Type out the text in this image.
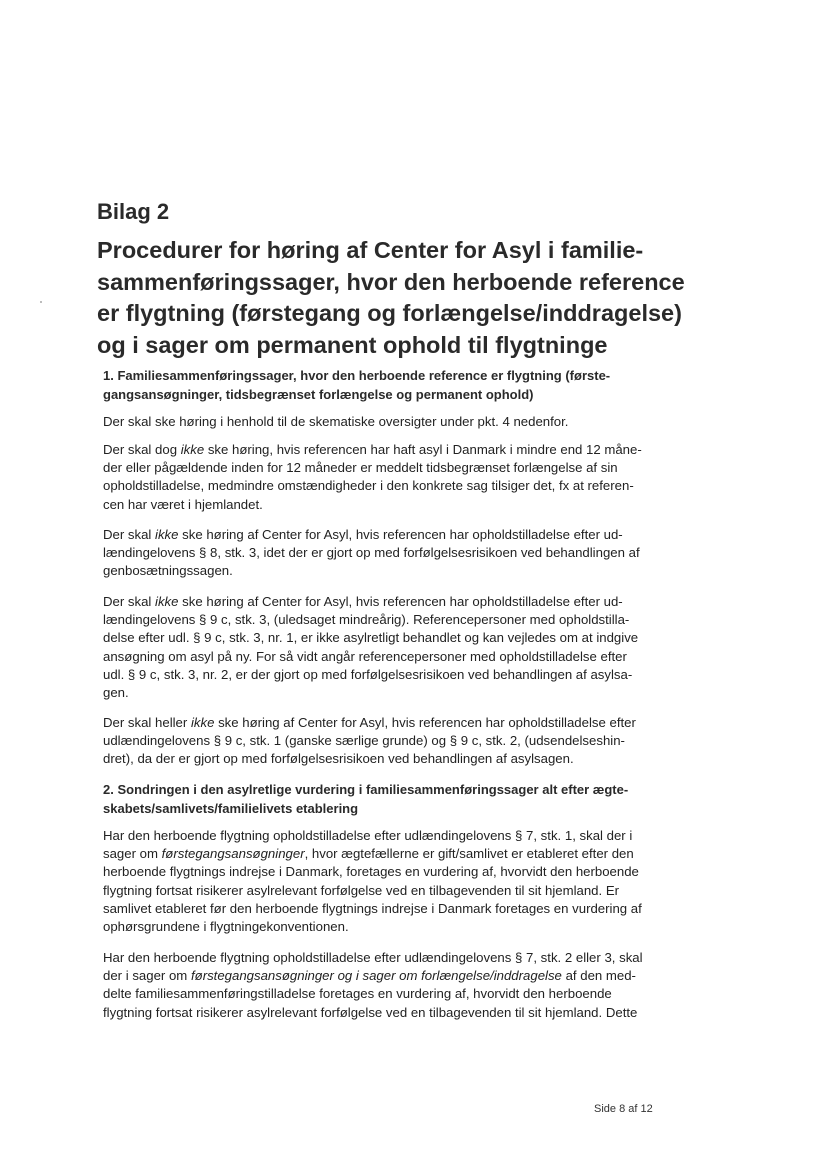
Bilag 2
Procedurer for høring af Center for Asyl i familie-
sammenføringssager, hvor den herboende reference
er flygtning (førstegang og forlængelse/inddragelse)
og i sager om permanent ophold til flygtninge
1. Familiesammenføringssager, hvor den herboende reference er flygtning (første-
gangsansøgninger, tidsbegrænset forlængelse og permanent ophold)

Der skal ske høring i henhold til de skematiske oversigter under pkt. 4 nedenfor.

Der skal dog ikke ske høring, hvis referencen har haft asyl i Danmark i mindre end 12 måne-
der eller pågældende inden for 12 måneder er meddelt tidsbegrænset forlængelse af sin
opholdstilladelse, medmindre omstændigheder i den konkrete sag tilsiger det, fx at referen-
cen har været i hjemlandet.

Der skal ikke ske høring af Center for Asyl, hvis referencen har opholdstilladelse efter ud-
lændingelovens § 8, stk. 3, idet der er gjort op med forfølgelsesrisikoen ved behandlingen af
genbosætningssagen.

Der skal ikke ske høring af Center for Asyl, hvis referencen har opholdstilladelse efter ud-
lændingelovens § 9 c, stk. 3, (uledsaget mindreårig). Referencepersoner med opholdstilla-
delse efter udl. § 9 c, stk. 3, nr. 1, er ikke asylretligt behandlet og kan vejledes om at indgive
ansøgning om asyl på ny. For så vidt angår referencepersoner med opholdstilladelse efter
udl. § 9 c, stk. 3, nr. 2, er der gjort op med forfølgelsesrisikoen ved behandlingen af asylsa-
gen.

Der skal heller ikke ske høring af Center for Asyl, hvis referencen har opholdstilladelse efter
udlændingelovens § 9 c, stk. 1 (ganske særlige grunde) og § 9 c, stk. 2, (udsendelseshin-
dret), da der er gjort op med forfølgelsesrisikoen ved behandlingen af asylsagen.

2. Sondringen i den asylretlige vurdering i familiesammenføringssager alt efter ægte-
skabets/samlivets/familielivets etablering

Har den herboende flygtning opholdstilladelse efter udlændingelovens § 7, stk. 1, skal der i
sager om førstegangsansøgninger, hvor ægtefællerne er gift/samlivet er etableret efter den
herboende flygtnings indrejse i Danmark, foretages en vurdering af, hvorvidt den herboende
flygtning fortsat risikerer asylrelevant forfølgelse ved en tilbagevenden til sit hjemland. Er
samlivet etableret før den herboende flygtnings indrejse i Danmark foretages en vurdering af
ophørsgrundene i flygtningekonventionen.

Har den herboende flygtning opholdstilladelse efter udlændingelovens § 7, stk. 2 eller 3, skal
der i sager om førstegangsansøgninger og i sager om forlængelse/inddragelse af den med-
delte familiesammenføringstilladelse foretages en vurdering af, hvorvidt den herboende
flygtning fortsat risikerer asylrelevant forfølgelse ved en tilbagevenden til sit hjemland. Dette

Side 8 af 12
